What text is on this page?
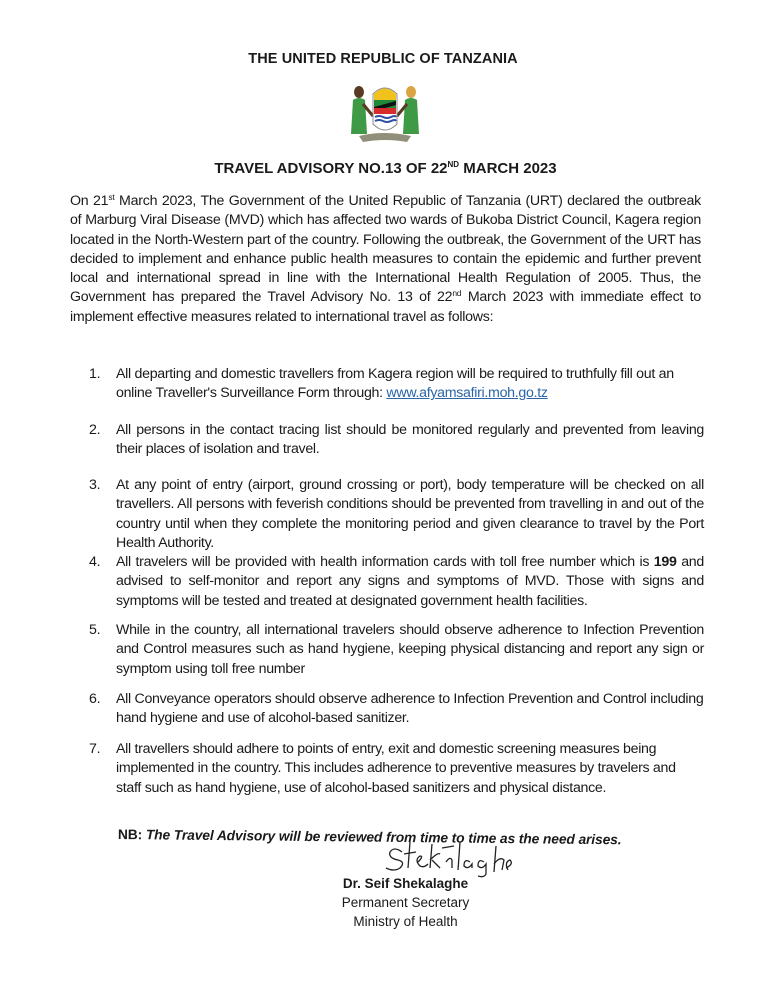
THE UNITED REPUBLIC OF TANZANIA
TRAVEL ADVISORY NO.13 OF 22ND MARCH 2023
On 21st March 2023, The Government of the United Republic of Tanzania (URT) declared the outbreak of Marburg Viral Disease (MVD) which has affected two wards of Bukoba District Council, Kagera region located in the North-Western part of the country. Following the outbreak, the Government of the URT has decided to implement and enhance public health measures to contain the epidemic and further prevent local and international spread in line with the International Health Regulation of 2005. Thus, the Government has prepared the Travel Advisory No. 13 of 22nd March 2023 with immediate effect to implement effective measures related to international travel as follows:
1. All departing and domestic travellers from Kagera region will be required to truthfully fill out an online Traveller's Surveillance Form through: www.afyamsafiri.moh.go.tz
2. All persons in the contact tracing list should be monitored regularly and prevented from leaving their places of isolation and travel.
3. At any point of entry (airport, ground crossing or port), body temperature will be checked on all travellers. All persons with feverish conditions should be prevented from travelling in and out of the country until when they complete the monitoring period and given clearance to travel by the Port Health Authority.
4. All travelers will be provided with health information cards with toll free number which is 199 and advised to self-monitor and report any signs and symptoms of MVD. Those with signs and symptoms will be tested and treated at designated government health facilities.
5. While in the country, all international travelers should observe adherence to Infection Prevention and Control measures such as hand hygiene, keeping physical distancing and report any sign or symptom using toll free number
6. All Conveyance operators should observe adherence to Infection Prevention and Control including hand hygiene and use of alcohol-based sanitizer.
7. All travellers should adhere to points of entry, exit and domestic screening measures being implemented in the country. This includes adherence to preventive measures by travelers and staff such as hand hygiene, use of alcohol-based sanitizers and physical distance.
NB: The Travel Advisory will be reviewed from time to time as the need arises.
Dr. Seif Shekalaghe
Permanent Secretary
Ministry of Health
